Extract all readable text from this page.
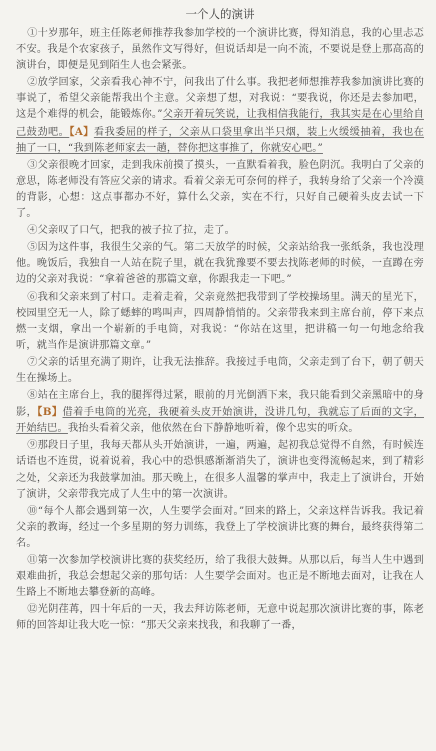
一个人的演讲

①十岁那年，班主任陈老师推荐我参加学校的一个演讲比赛，得知消息，我的心里忐忑不安。我是个农家孩子，虽然作文写得好，但说话却是一向不流，不要说是登上那高高的演讲台，即便是见到陌生人也会紧张。

②放学回家，父亲看我心神不宁，问我出了什么事。我把老师想推荐我参加演讲比赛的事说了，希望父亲能帮我出个主意。父亲想了想，对我说：“要我说，你还是去参加吧，这是个难得的机会，能锻炼你。”父亲开着玩笑说，让我相信我能行，我其实是在心里给自己鼓劲吧。【A】看我委屈的样子，父亲从口袋里拿出半只烟，装上火缓缓抽着，我也在抽了一口，“我到陈老师家去一趟，替你把这事推了，你就安心吧。”

③父亲很晚才回家，走到我床前摸了摸头，一直默看着我，脸色阴沉。我明白了父亲的意思，陈老师没有答应父亲的请求。看着父亲无可奈何的样子，我转身给了父亲一个冷漠的背影，心想：这点事都办不好，算什么父亲，实在不行，只好自己硬着头皮去试一下了。

④父亲叹了口气，把我的被子拉了拉，走了。

⑤因为这件事，我很生父亲的气。第二天放学的时候，父亲站给我一张纸条，我也没理他。晚饭后，我独自一人站在院子里，就在我犹豫要不要去找陈老师的时候，一直蹲在旁边的父亲对我说：“拿着爸爸的那篇文章，你跟我走一下吧。”

⑥我和父亲来到了村口。走着走着，父亲竟然把我带到了学校操场里。满天的星光下，校园里空无一人，除了蟋蟀的鸣叫声，四周静悄悄的。父亲带我来到主席台前，停下来点燃一支烟，拿出一个崭新的手电筒，对我说：“你站在这里，把讲稿一句一句地念给我听，就当作是演讲那篇文章。”

⑦父亲的话里充满了期许，让我无法推辞。我接过手电筒，父亲走到了台下，朝了朝天生在操场上。

⑧站在主席台上，我的腿挥得过紧，眼前的月光倒洒下来，我只能看到父亲黑暗中的身影，【B】借着手电筒的光亮，我硬着头皮开始演讲，没讲几句，我就忘了后面的文字，开始结巴。我抬头看着父亲，他依然在台下静静地听着，像个忠实的听众。

⑨那段日子里，我每天都从头开始演讲，一遍，两遍，起初我总觉得不自然，有时候连话语也不连贯，说着说着，我心中的恐惧感渐渐消失了，演讲也变得流畅起来，到了精彩之处，父亲还为我鼓掌加油。那天晚上，在很多人温馨的掌声中，我走上了演讲台，开始了演讲，父亲带我完成了人生中的第一次演讲。

⑩“每个人都会遇到第一次，人生要学会面对。”回来的路上，父亲这样告诉我。我记着父亲的教诲，经过一个多星期的努力训练，我登上了学校演讲比赛的舞台，最终获得第二名。

⑪第一次参加学校演讲比赛的获奖经历，给了我很大鼓舞。从那以后，每当人生中遇到艰难曲折，我总会想起父亲的那句话：人生要学会面对。也正是不断地去面对，让我在人生路上不断地去攀登新的高峰。

⑫光阴荏苒，四十年后的一天，我去拜访陈老师，无意中说起那次演讲比赛的事，陈老师的回答却让我大吃一惊：“那天父亲来找我，和我聊了一番，
